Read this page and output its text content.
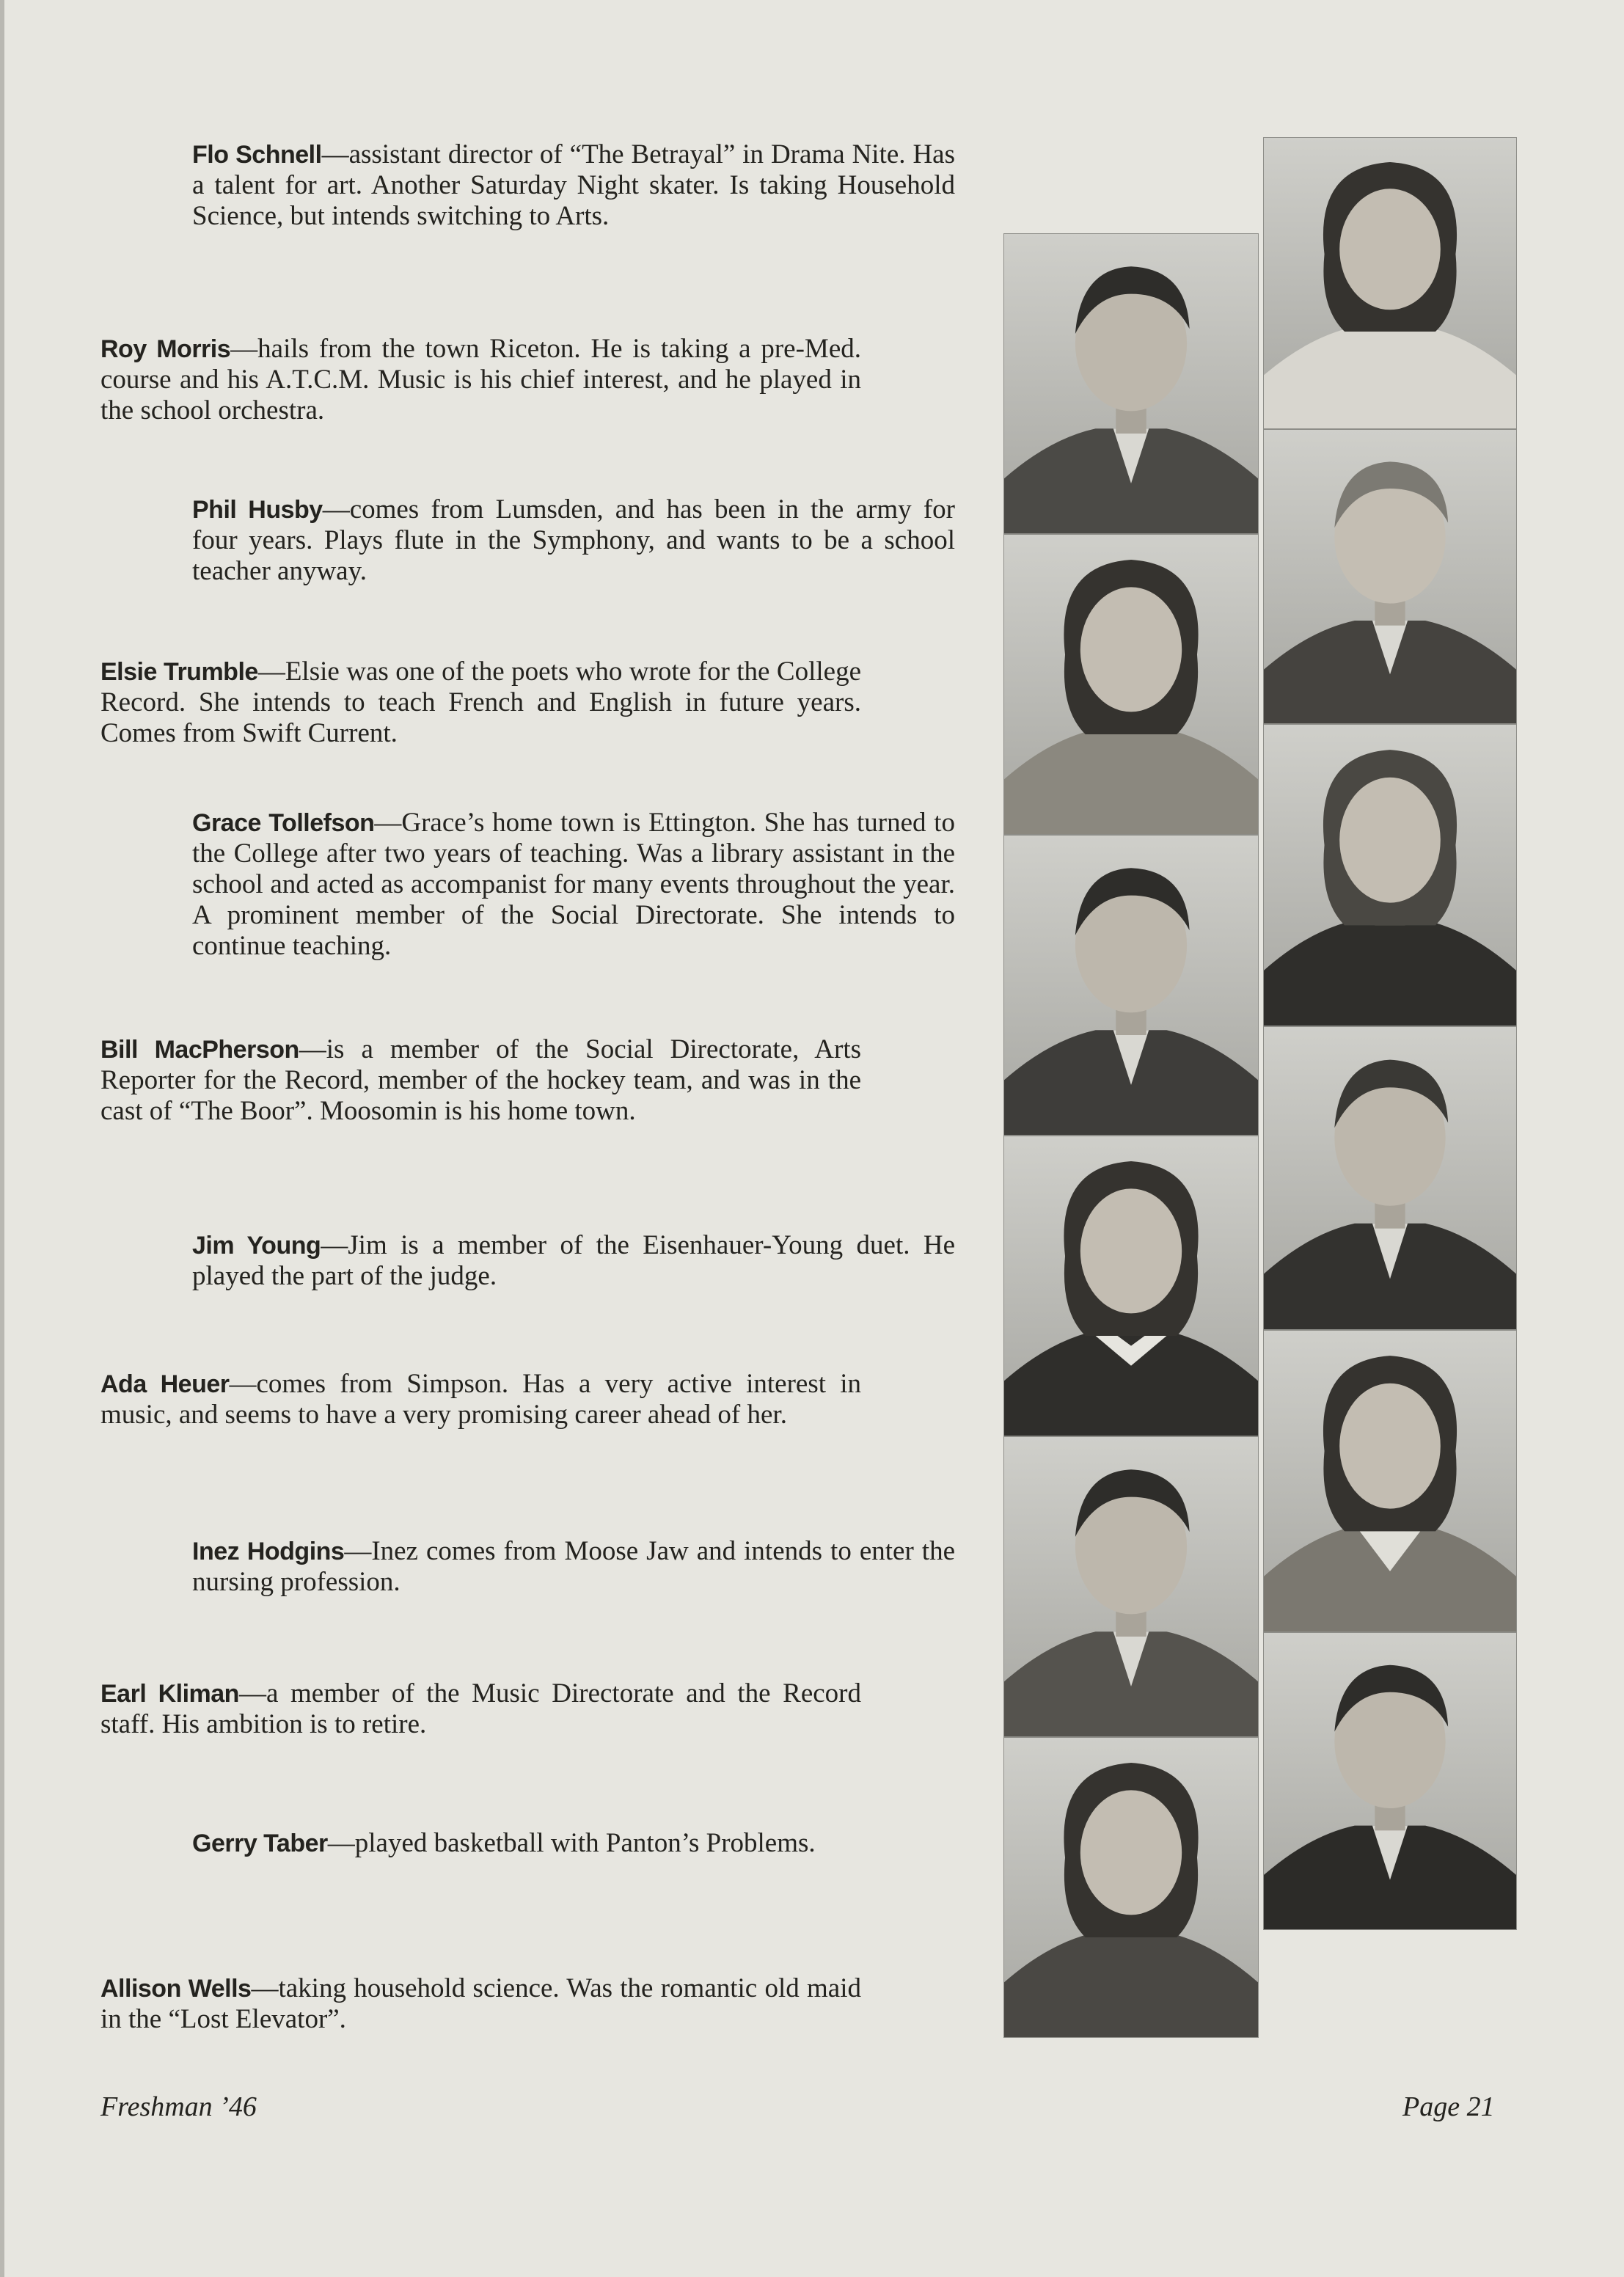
Flo Schnell—assistant director of “The Betrayal” in Drama Nite. Has a talent for art. Another Saturday Night skater. Is taking Household Science, but intends switching to Arts.

Roy Morris—hails from the town Riceton. He is taking a pre-Med. course and his A.T.C.M. Music is his chief interest, and he played in the school orchestra.

Phil Husby—comes from Lumsden, and has been in the army for four years. Plays flute in the Symphony, and wants to be a school teacher anyway.

Elsie Trumble—Elsie was one of the poets who wrote for the College Record. She intends to teach French and English in future years. Comes from Swift Current.

Grace Tollefson—Grace’s home town is Ettington. She has turned to the College after two years of teaching. Was a library assistant in the school and acted as accompanist for many events throughout the year. A prominent member of the Social Directorate. She intends to continue teaching.

Bill MacPherson—is a member of the Social Directorate, Arts Reporter for the Record, member of the hockey team, and was in the cast of “The Boor”. Moosomin is his home town.

Jim Young—Jim is a member of the Eisenhauer-Young duet. He played the part of the judge.

Ada Heuer—comes from Simpson. Has a very active interest in music, and seems to have a very promising career ahead of her.

Inez Hodgins—Inez comes from Moose Jaw and intends to enter the nursing profession.

Earl Kliman—a member of the Music Directorate and the Record staff. His ambition is to retire.

Gerry Taber—played basketball with Panton’s Problems.

Allison Wells—taking household science. Was the romantic old maid in the “Lost Elevator”.

Freshman ’46	Page 21
